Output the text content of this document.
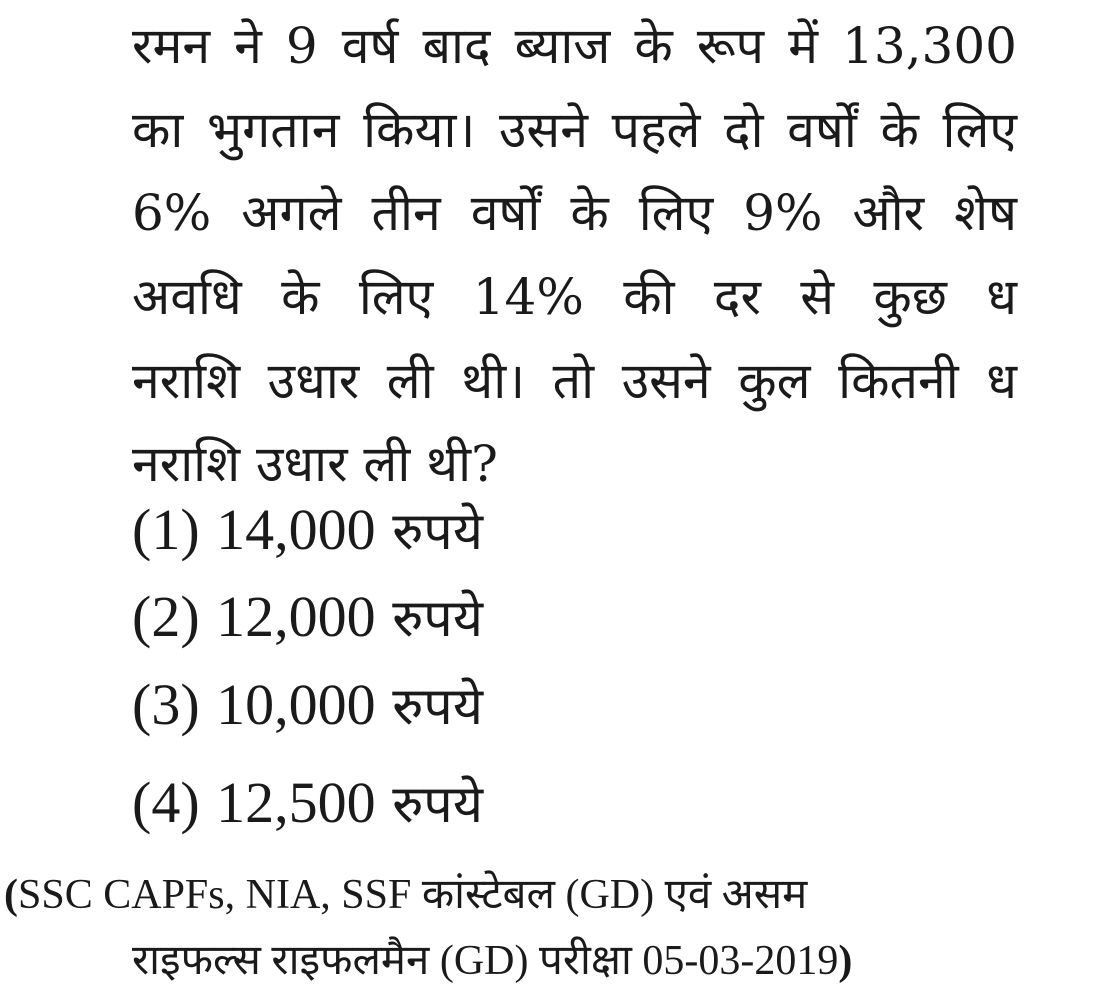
रमन ने 9 वर्ष बाद ब्याज के रूप में 13,300
का भुगतान किया। उसने पहले दो वर्षों के लिए
6% अगले तीन वर्षों के लिए 9% और शेष
अवधि के लिए 14% की दर से कुछ ध
नराशि उधार ली थी। तो उसने कुल कितनी ध
नराशि उधार ली थी?
(1) 14,000 रुपये
(2) 12,000 रुपये
(3) 10,000 रुपये
(4) 12,500 रुपये
(SSC CAPFs, NIA, SSF कांस्टेबल (GD) एवं असम
राइफल्स राइफलमैन (GD) परीक्षा 05-03-2019)
